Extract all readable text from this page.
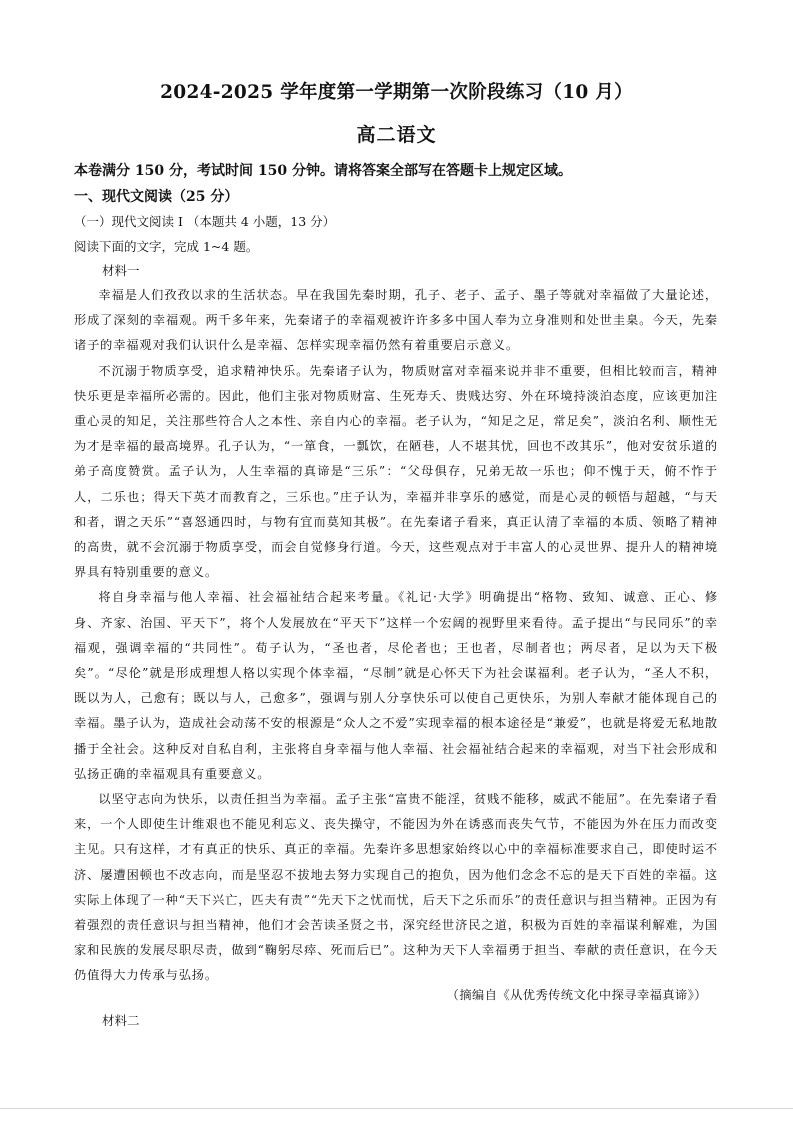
2024-2025 学年度第一学期第一次阶段练习（10 月）
高二语文
本卷满分 150 分，考试时间 150 分钟。请将答案全部写在答题卡上规定区域。
一、现代文阅读（25 分）
（一）现代文阅读 I （本题共 4 小题，13 分）
阅读下面的文字，完成 1~4 题。
材料一

幸福是人们孜孜以求的生活状态。早在我国先秦时期，孔子、老子、孟子、墨子等就对幸福做了大量论述，形成了深刻的幸福观。两千多年来，先秦诸子的幸福观被许许多多中国人奉为立身准则和处世圭臬。今天，先秦诸子的幸福观对我们认识什么是幸福、怎样实现幸福仍然有着重要启示意义。

不沉溺于物质享受，追求精神快乐。先秦诸子认为，物质财富对幸福来说并非不重要，但相比较而言，精神快乐更是幸福所必需的。因此，他们主张对物质财富、生死寿夭、贵贱达穷、外在环境持淡泊态度，应该更加注重心灵的知足，关注那些符合人之本性、亲自内心的幸福。老子认为，“知足之足，常足矣”，淡泊名利、顺性无为才是幸福的最高境界。孔子认为，“一箪食，一瓢饮，在陋巷，人不堪其忧，回也不改其乐”，他对安贫乐道的弟子高度赞赏。孟子认为，人生幸福的真谛是“三乐”：“父母俱存，兄弟无故一乐也；仰不愧于天，俯不怍于人，二乐也；得天下英才而教育之，三乐也。”庄子认为，幸福并非享乐的感觉，而是心灵的顿悟与超越，“与天和者，谓之天乐”“喜怒通四时，与物有宜而莫知其极”。在先秦诸子看来，真正认清了幸福的本质、领略了精神的高贵，就不会沉溺于物质享受，而会自觉修身行道。今天，这些观点对于丰富人的心灵世界、提升人的精神境界具有特别重要的意义。

将自身幸福与他人幸福、社会福祉结合起来考量。《礼记·大学》明确提出“格物、致知、诚意、正心、修身、齐家、治国、平天下”，将个人发展放在“平天下”这样一个宏阔的视野里来看待。孟子提出“与民同乐”的幸福观，强调幸福的“共同性”。荀子认为，“圣也者，尽伦者也；王也者，尽制者也；两尽者，足以为天下极矣”。“尽伦”就是形成理想人格以实现个体幸福，“尽制”就是心怀天下为社会谋福利。老子认为，“圣人不积，既以为人，己愈有；既以与人，己愈多”，强调与别人分享快乐可以使自己更快乐，为别人奉献才能体现自己的幸福。墨子认为，造成社会动荡不安的根源是“众人之不爱”实现幸福的根本途径是“兼爱”，也就是将爱无私地散播于全社会。这种反对自私自利，主张将自身幸福与他人幸福、社会福祉结合起来的幸福观，对当下社会形成和弘扬正确的幸福观具有重要意义。

以坚守志向为快乐，以责任担当为幸福。孟子主张“富贵不能淫，贫贱不能移，威武不能屈”。在先秦诸子看来，一个人即使生计维艰也不能见利忘义、丧失操守，不能因为外在诱惑而丧失气节，不能因为外在压力而改变主见。只有这样，才有真正的快乐、真正的幸福。先秦许多思想家始终以心中的幸福标准要求自己，即使时运不济、屡遭困顿也不改志向，而是坚忍不拔地去努力实现自己的抱负，因为他们念念不忘的是天下百姓的幸福。这实际上体现了一种“天下兴亡，匹夫有责”“先天下之忧而忧，后天下之乐而乐”的责任意识与担当精神。正因为有着强烈的责任意识与担当精神，他们才会苦读圣贤之书，深究经世济民之道，积极为百姓的幸福谋利解难，为国家和民族的发展尽职尽责，做到“鞠躬尽瘁、死而后已”。这种为天下人幸福勇于担当、奉献的责任意识，在今天仍值得大力传承与弘扬。

（摘编自《从优秀传统文化中探寻幸福真谛》）
材料二
